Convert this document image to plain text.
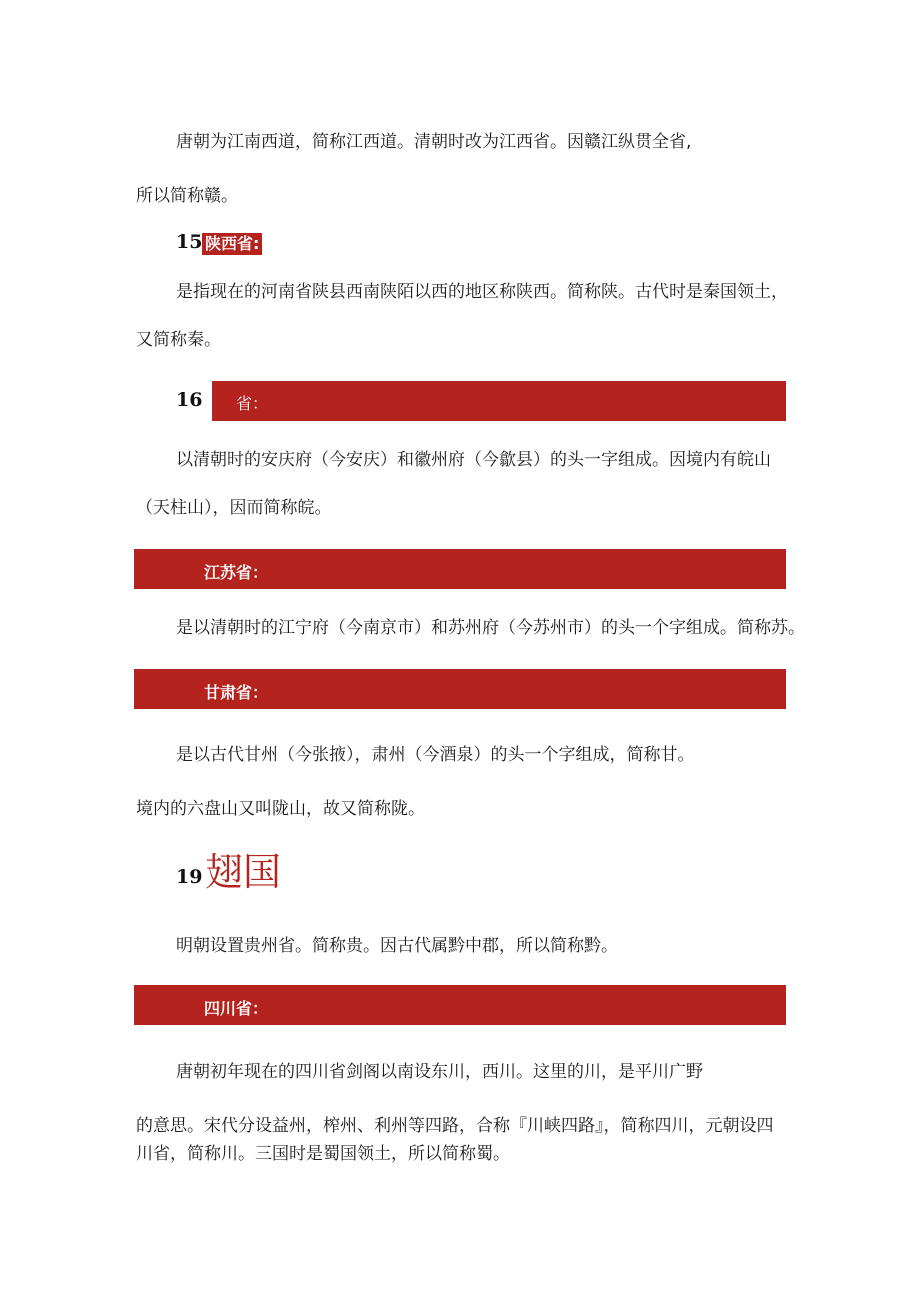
唐朝为江南西道，简称江西道。清朝时改为江西省。因赣江纵贯全省,

所以简称赣。

15 陕西省:

是指现在的河南省陕县西南陕陌以西的地区称陕西。简称陕。古代时是秦国领土，

又简称秦。

16 省：

以清朝时的安庆府（今安庆）和徽州府（今歙县）的头一字组成。因境内有皖山

（天柱山），因而简称皖。

江苏省：

是以清朝时的江宁府（今南京市）和苏州府（今苏州市）的头一个字组成。简称苏。

甘肃省：

是以古代甘州（今张掖），肃州（今酒泉）的头一个字组成，简称甘。

境内的六盘山又叫陇山，故又简称陇。

19 翅国

明朝设置贵州省。简称贵。因古代属黔中郡，所以简称黔。

四川省：

唐朝初年现在的四川省剑阁以南设东川，西川。这里的川，是平川广野

的意思。宋代分设益州，榨州、利州等四路，合称『川峡四路』，简称四川，元朝设四

川省，简称川。三国时是蜀国领土，所以简称蜀。
